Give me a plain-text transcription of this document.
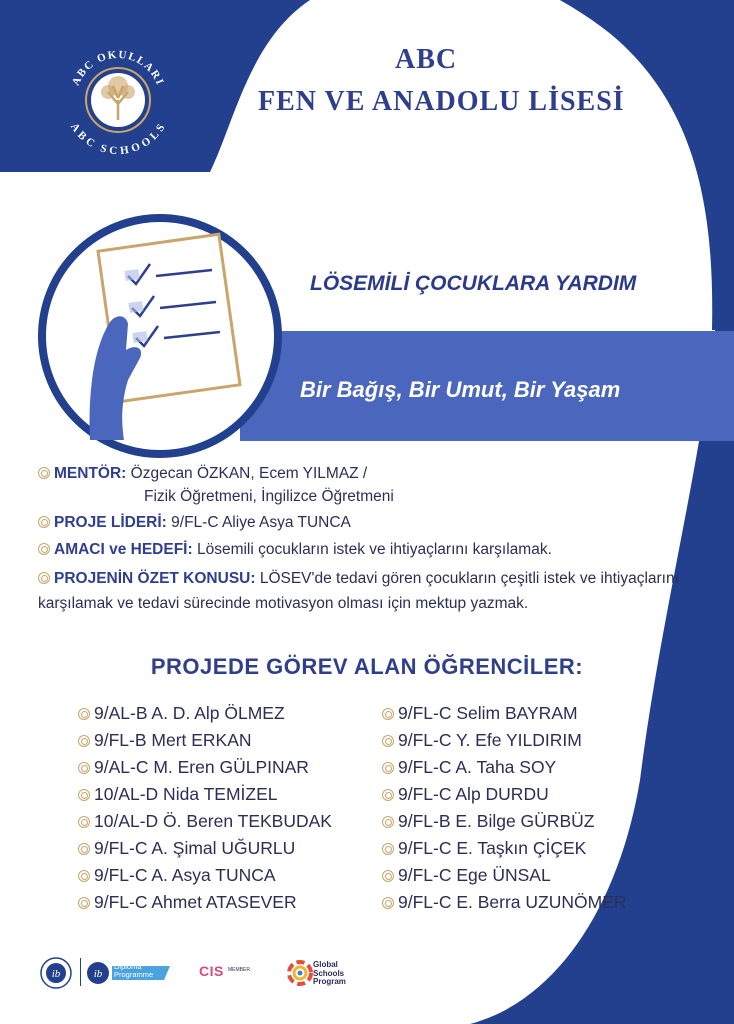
ABC OKULLARI
ABC SCHOOLS
ABC
FEN VE ANADOLU LİSESİ
LÖSEMİLİ ÇOCUKLARA YARDIM
Bir Bağış, Bir Umut, Bir Yaşam
MENTÖR: Özgecan ÖZKAN, Ecem YILMAZ /
Fizik Öğretmeni, İngilizce Öğretmeni
PROJE LİDERİ: 9/FL-C Aliye Asya TUNCA
AMACI ve HEDEFİ: Lösemili çocukların istek ve ihtiyaçlarını karşılamak.
PROJENİN ÖZET KONUSU: LÖSEV'de tedavi gören çocukların çeşitli istek ve ihtiyaçlarını karşılamak ve tedavi sürecinde motivasyon olması için mektup yazmak.
PROJEDE GÖREV ALAN ÖĞRENCİLER:
9/AL-B A. D. Alp ÖLMEZ
9/FL-B Mert ERKAN
9/AL-C M. Eren GÜLPINAR
10/AL-D Nida TEMİZEL
10/AL-D Ö. Beren TEKBUDAK
9/FL-C A. Şimal UĞURLU
9/FL-C A. Asya TUNCA
9/FL-C Ahmet ATASEVER
9/FL-C Selim BAYRAM
9/FL-C Y. Efe YILDIRIM
9/FL-C A. Taha SOY
9/FL-C Alp DURDU
9/FL-B E. Bilge GÜRBÜZ
9/FL-C E. Taşkın ÇİÇEK
9/FL-C Ege ÜNSAL
9/FL-C E. Berra UZUNÖMER
ib	ib
Diploma Programme	CIS MEMBER
Global
Schools
Program
